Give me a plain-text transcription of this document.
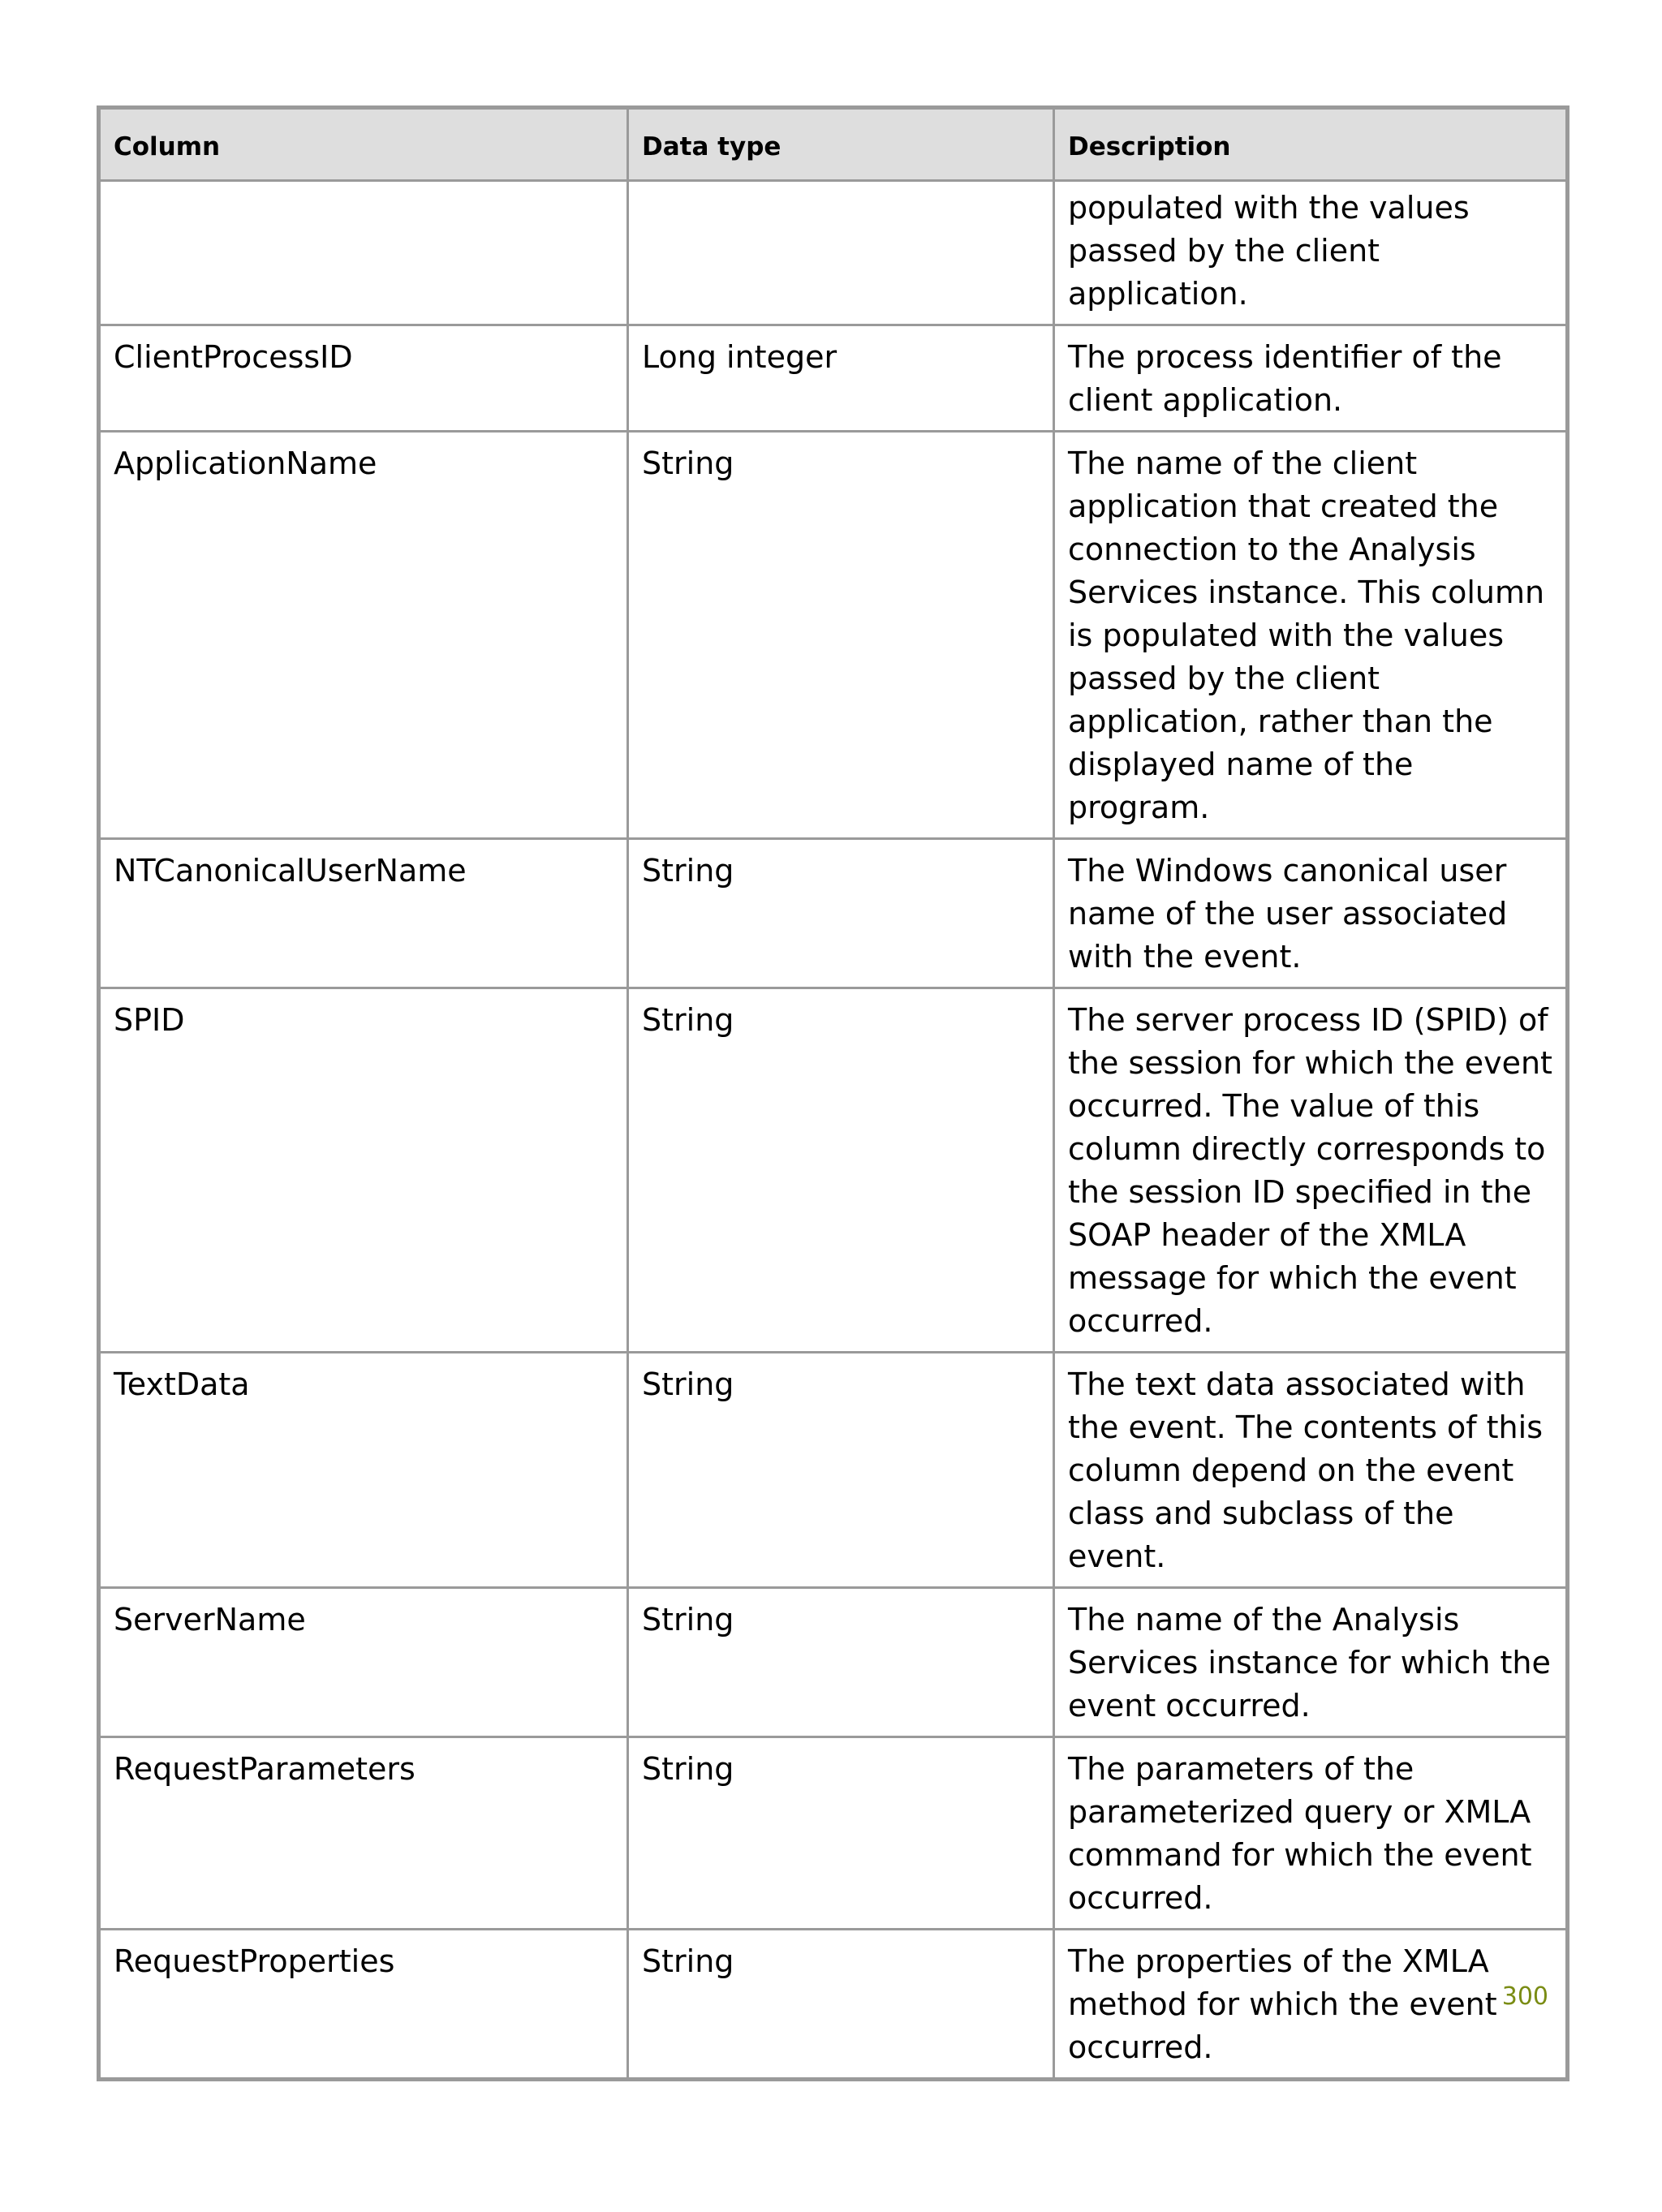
Column	Data type	Description
		populated with the values passed by the client application.
ClientProcessID	Long integer	The process identifier of the client application.
ApplicationName	String	The name of the client application that created the connection to the Analysis Services instance. This column is populated with the values passed by the client application, rather than the displayed name of the program.
NTCanonicalUserName	String	The Windows canonical user name of the user associated with the event.
SPID	String	The server process ID (SPID) of the session for which the event occurred. The value of this column directly corresponds to the session ID specified in the SOAP header of the XMLA message for which the event occurred.
TextData	String	The text data associated with the event. The contents of this column depend on the event class and subclass of the event.
ServerName	String	The name of the Analysis Services instance for which the event occurred.
RequestParameters	String	The parameters of the parameterized query or XMLA command for which the event occurred.
RequestProperties	String	The properties of the XMLA method for which the event occurred.
300
